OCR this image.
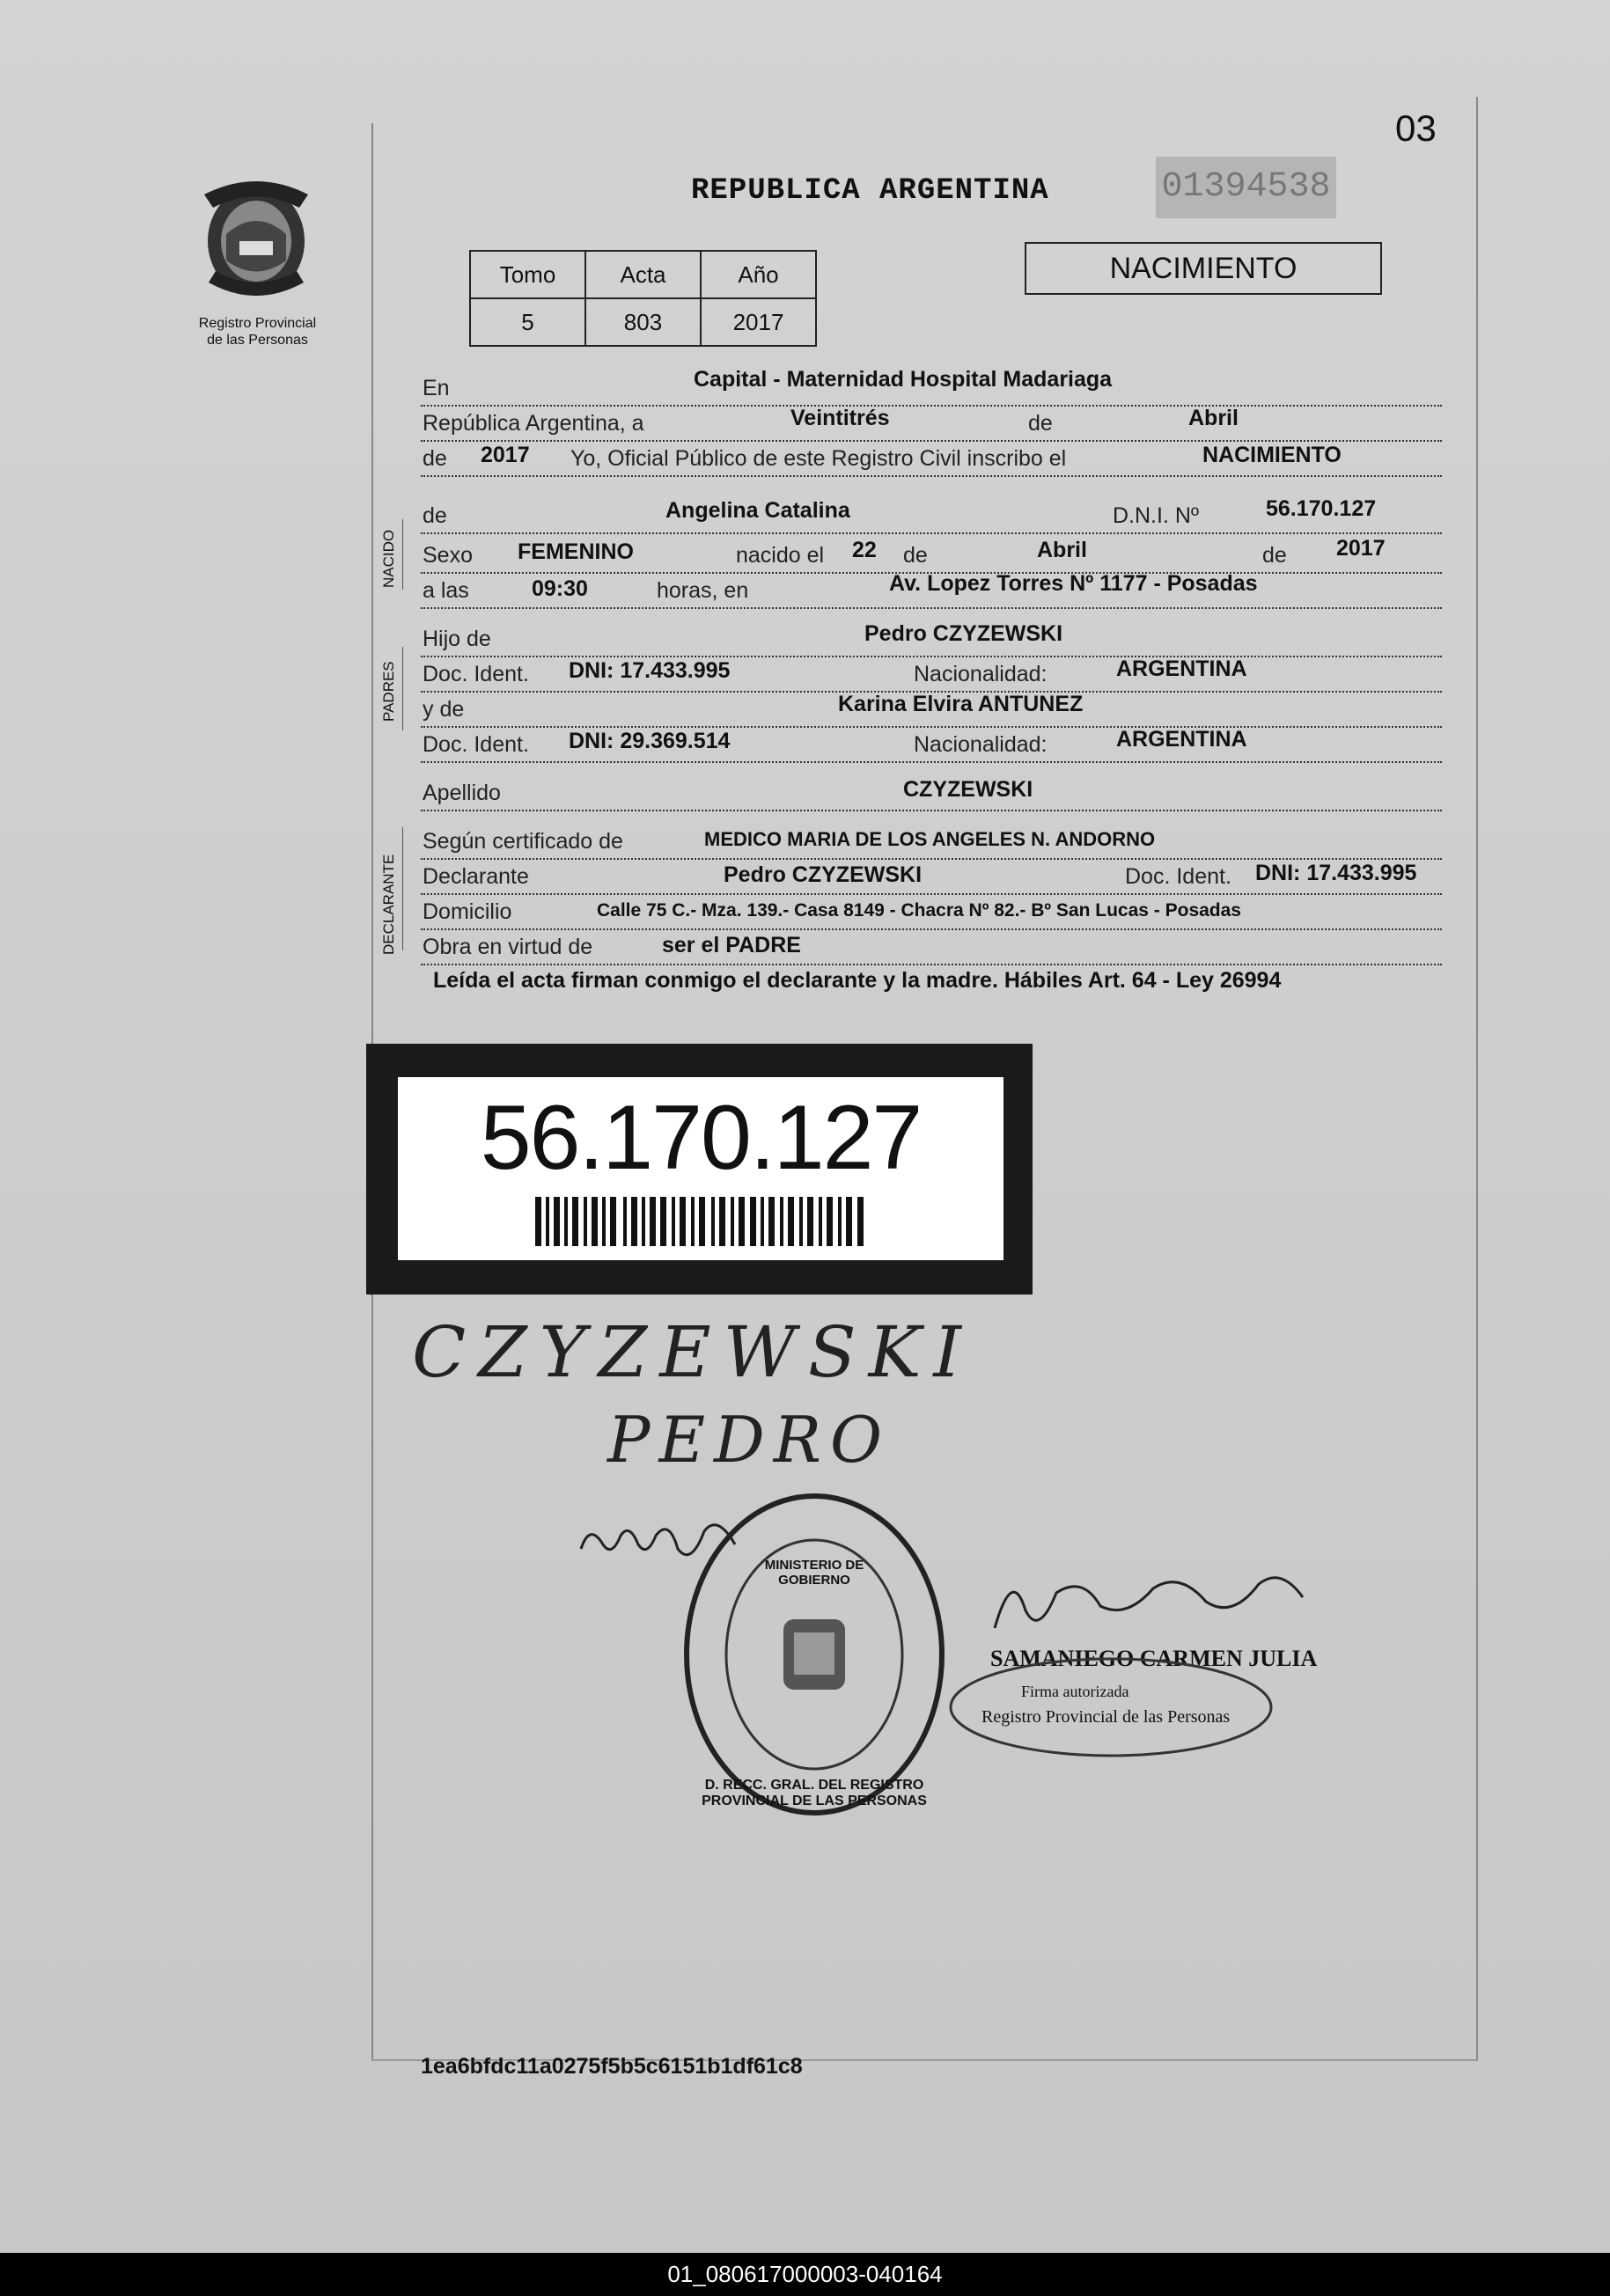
03
Registro Provincial
de las Personas
REPUBLICA ARGENTINA	01394538
Tomo	Acta	Año
5	803	2017
NACIMIENTO
NACIDO
PADRES
DECLARANTE
En	Capital - Maternidad Hospital Madariaga
República Argentina, a	Veintitrés	de	Abril
de 2017 Yo, Oficial Público de este Registro Civil inscribo el	NACIMIENTO
de	Angelina Catalina	D.N.I. Nº	56.170.127
Sexo FEMENINO	nacido el 22 de	Abril	de 2017
a las	09:30	horas, en	Av. Lopez Torres Nº 1177 - Posadas
Hijo de	Pedro CZYZEWSKI
Doc. Ident. DNI: 17.433.995	Nacionalidad:	ARGENTINA
y de	Karina Elvira ANTUNEZ
Doc. Ident. DNI: 29.369.514	Nacionalidad:	ARGENTINA
Apellido	CZYZEWSKI
Según certificado de	MEDICO MARIA DE LOS ANGELES N. ANDORNO
Declarante	Pedro CZYZEWSKI	Doc. Ident. DNI: 17.433.995
Domicilio	Calle 75 C.- Mza. 139.- Casa 8149 - Chacra Nº 82.- Bº San Lucas - Posadas
Obra en virtud de	ser el PADRE
Leída el acta firman conmigo el declarante y la madre. Hábiles Art. 64 - Ley 26994
56.170.127
CZYZEWSKI
PEDRO
D. RECC. GRAL. DEL REGISTRO PROVINCIAL DE LAS PERSONAS
MINISTERIO DE GOBIERNO
SAMANIEGO CARMEN JULIA
Firma autorizada
Registro Provincial de las Personas
1ea6bfdc11a0275f5b5c6151b1df61c8
01_080617000003-040164
